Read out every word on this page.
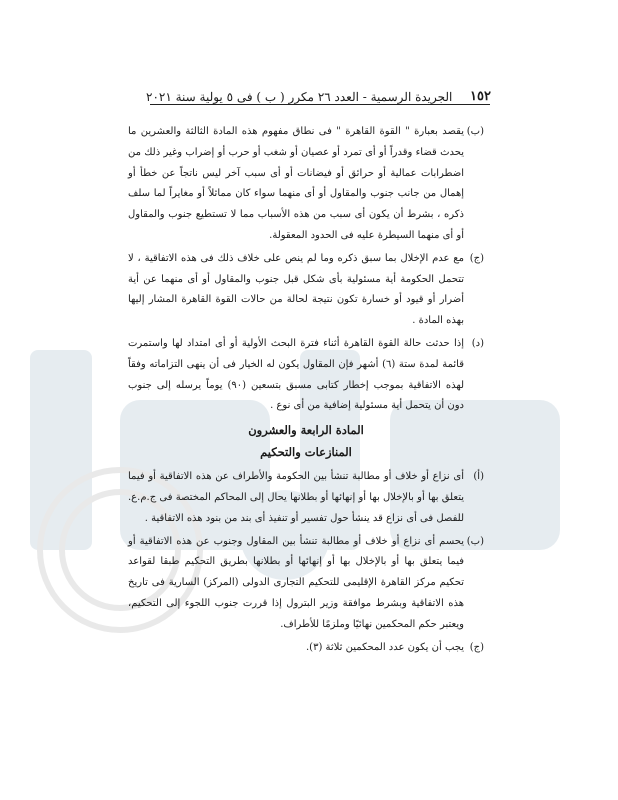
١٥٢
الجريدة الرسمية - العدد ٢٦ مكرر ( ب ) فى ٥ يولية سنة ٢٠٢١
(ب)
يقصد بعبارة " القوة القاهرة " فى نطاق مفهوم هذه المادة الثالثة والعشرين ما يحدث قضاء وقدراً أو أى تمرد أو عصيان أو شغب أو حرب أو إضراب وغير ذلك من اضطرابات عمالية أو حرائق أو فيضانات أو أى سبب آخر ليس ناتجاً عن خطأ أو إهمال من جانب جنوب والمقاول أو أى منهما سواء كان مماثلاً أو مغايراً لما سلف ذكره ، بشرط أن يكون أى سبب من هذه الأسباب مما لا تستطيع جنوب والمقاول أو أى منهما السيطرة عليه فى الحدود المعقولة.
(ج)
مع عدم الإخلال بما سبق ذكره وما لم ينص على خلاف ذلك فى هذه الاتفاقية ، لا تتحمل الحكومة أية مسئولية بأى شكل قبل جنوب والمقاول أو أى منهما عن أية أضرار أو قيود أو خسارة تكون نتيجة لحالة من حالات القوة القاهرة المشار إليها بهذه المادة .
(د)
إذا حدثت حالة القوة القاهرة أثناء فترة البحث الأولية أو أى امتداد لها واستمرت قائمة لمدة ستة (٦) أشهر فإن المقاول يكون له الخيار فى أن ينهى التزاماته وفقاً لهذه الاتفاقية بموجب إخطار كتابى مسبق بتسعين (٩٠) يوماً يرسله إلى جنوب دون أن يتحمل أية مسئولية إضافية من أى نوع .
المادة الرابعة والعشرون
المنازعات والتحكيم
(أ)
أى نزاع أو خلاف أو مطالبة تنشأ بين الحكومة والأطراف عن هذه الاتفاقية أو فيما يتعلق بها أو بالإخلال بها أو إنهائها أو بطلانها يحال إلى المحاكم المختصة فى ج.م.ع. للفصل فى أى نزاع قد ينشأ حول تفسير أو تنفيذ أى بند من بنود هذه الاتفاقية .
(ب)
يحسم أى نزاع أو خلاف أو مطالبة تنشأ بين المقاول وجنوب عن هذه الاتفاقية أو فيما يتعلق بها أو بالإخلال بها أو إنهائها أو بطلانها بطريق التحكيم طبقا لقواعد تحكيم مركز القاهرة الإقليمى للتحكيم التجارى الدولى (المركز) السارية فى تاريخ هذه الاتفاقية وبشرط موافقة وزير البترول إذا قررت جنوب اللجوء إلى التحكيم، ويعتبر حكم المحكمين نهائيًا وملزمًا للأطراف.
(ج)
يجب أن يكون عدد المحكمين ثلاثة (٣).
